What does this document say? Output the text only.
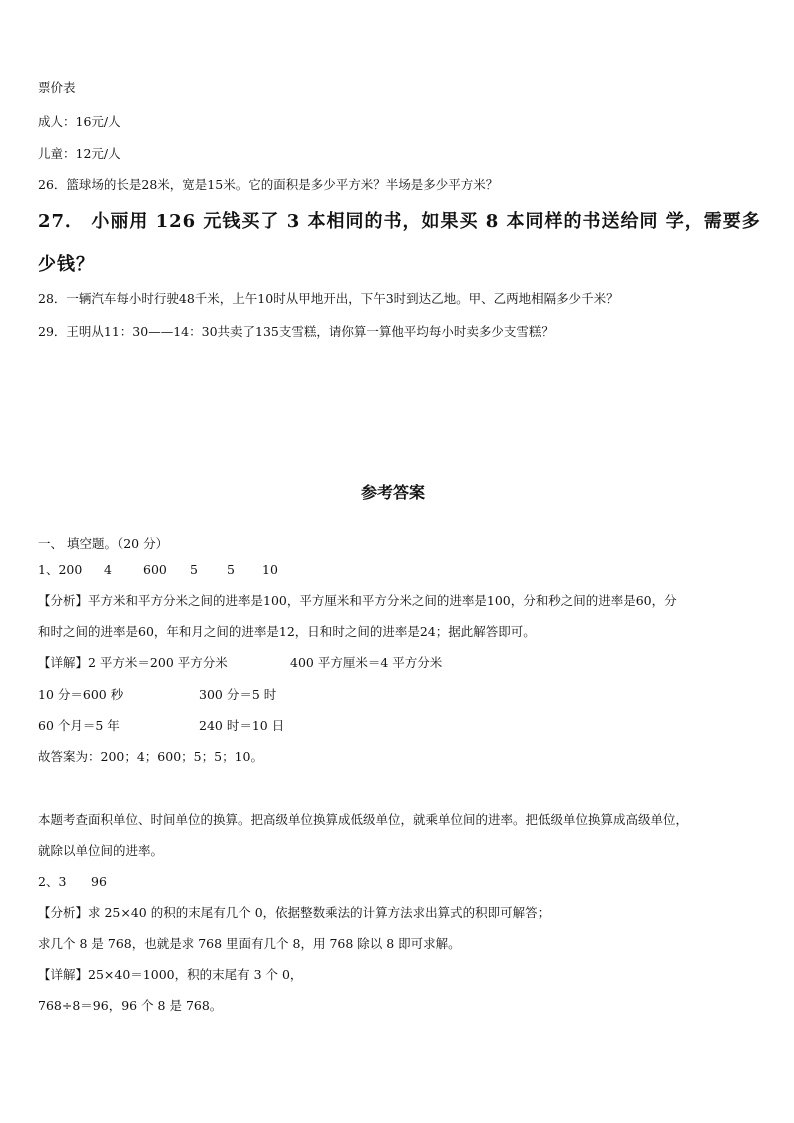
票价表
成人：16元/人
儿童：12元/人
26．篮球场的长是28米，宽是15米。它的面积是多少平方米？半场是多少平方米？
27． 小丽用 126 元钱买了 3 本相同的书，如果买 8 本同样的书送给同 学，需要多
少钱？
28．一辆汽车每小时行驶48千米，上午10时从甲地开出，下午3时到达乙地。甲、乙两地相隔多少千米？
29．王明从11：30——14：30共卖了135支雪糕，请你算一算他平均每小时卖多少支雪糕？
参考答案
一、 填空题。（20 分）
1、200 4 600 5 5 10
【分析】平方米和平方分米之间的进率是100，平方厘米和平方分米之间的进率是100，分和秒之间的进率是60，分
和时之间的进率是60，年和月之间的进率是12，日和时之间的进率是24；据此解答即可。
【详解】2 平方米＝200 平方分米	400 平方厘米＝4 平方分米
10 分＝600 秒	300 分＝5 时
60 个月＝5 年	240 时＝10 日
故答案为：200；4；600；5；5；10。
本题考查面积单位、时间单位的换算。把高级单位换算成低级单位，就乘单位间的进率。把低级单位换算成高级单位，
就除以单位间的进率。
2、3 96
【分析】求 25×40 的积的末尾有几个 0，依据整数乘法的计算方法求出算式的积即可解答；
求几个 8 是 768，也就是求 768 里面有几个 8，用 768 除以 8 即可求解。
【详解】25×40＝1000，积的末尾有 3 个 0，
768÷8＝96，96 个 8 是 768。
